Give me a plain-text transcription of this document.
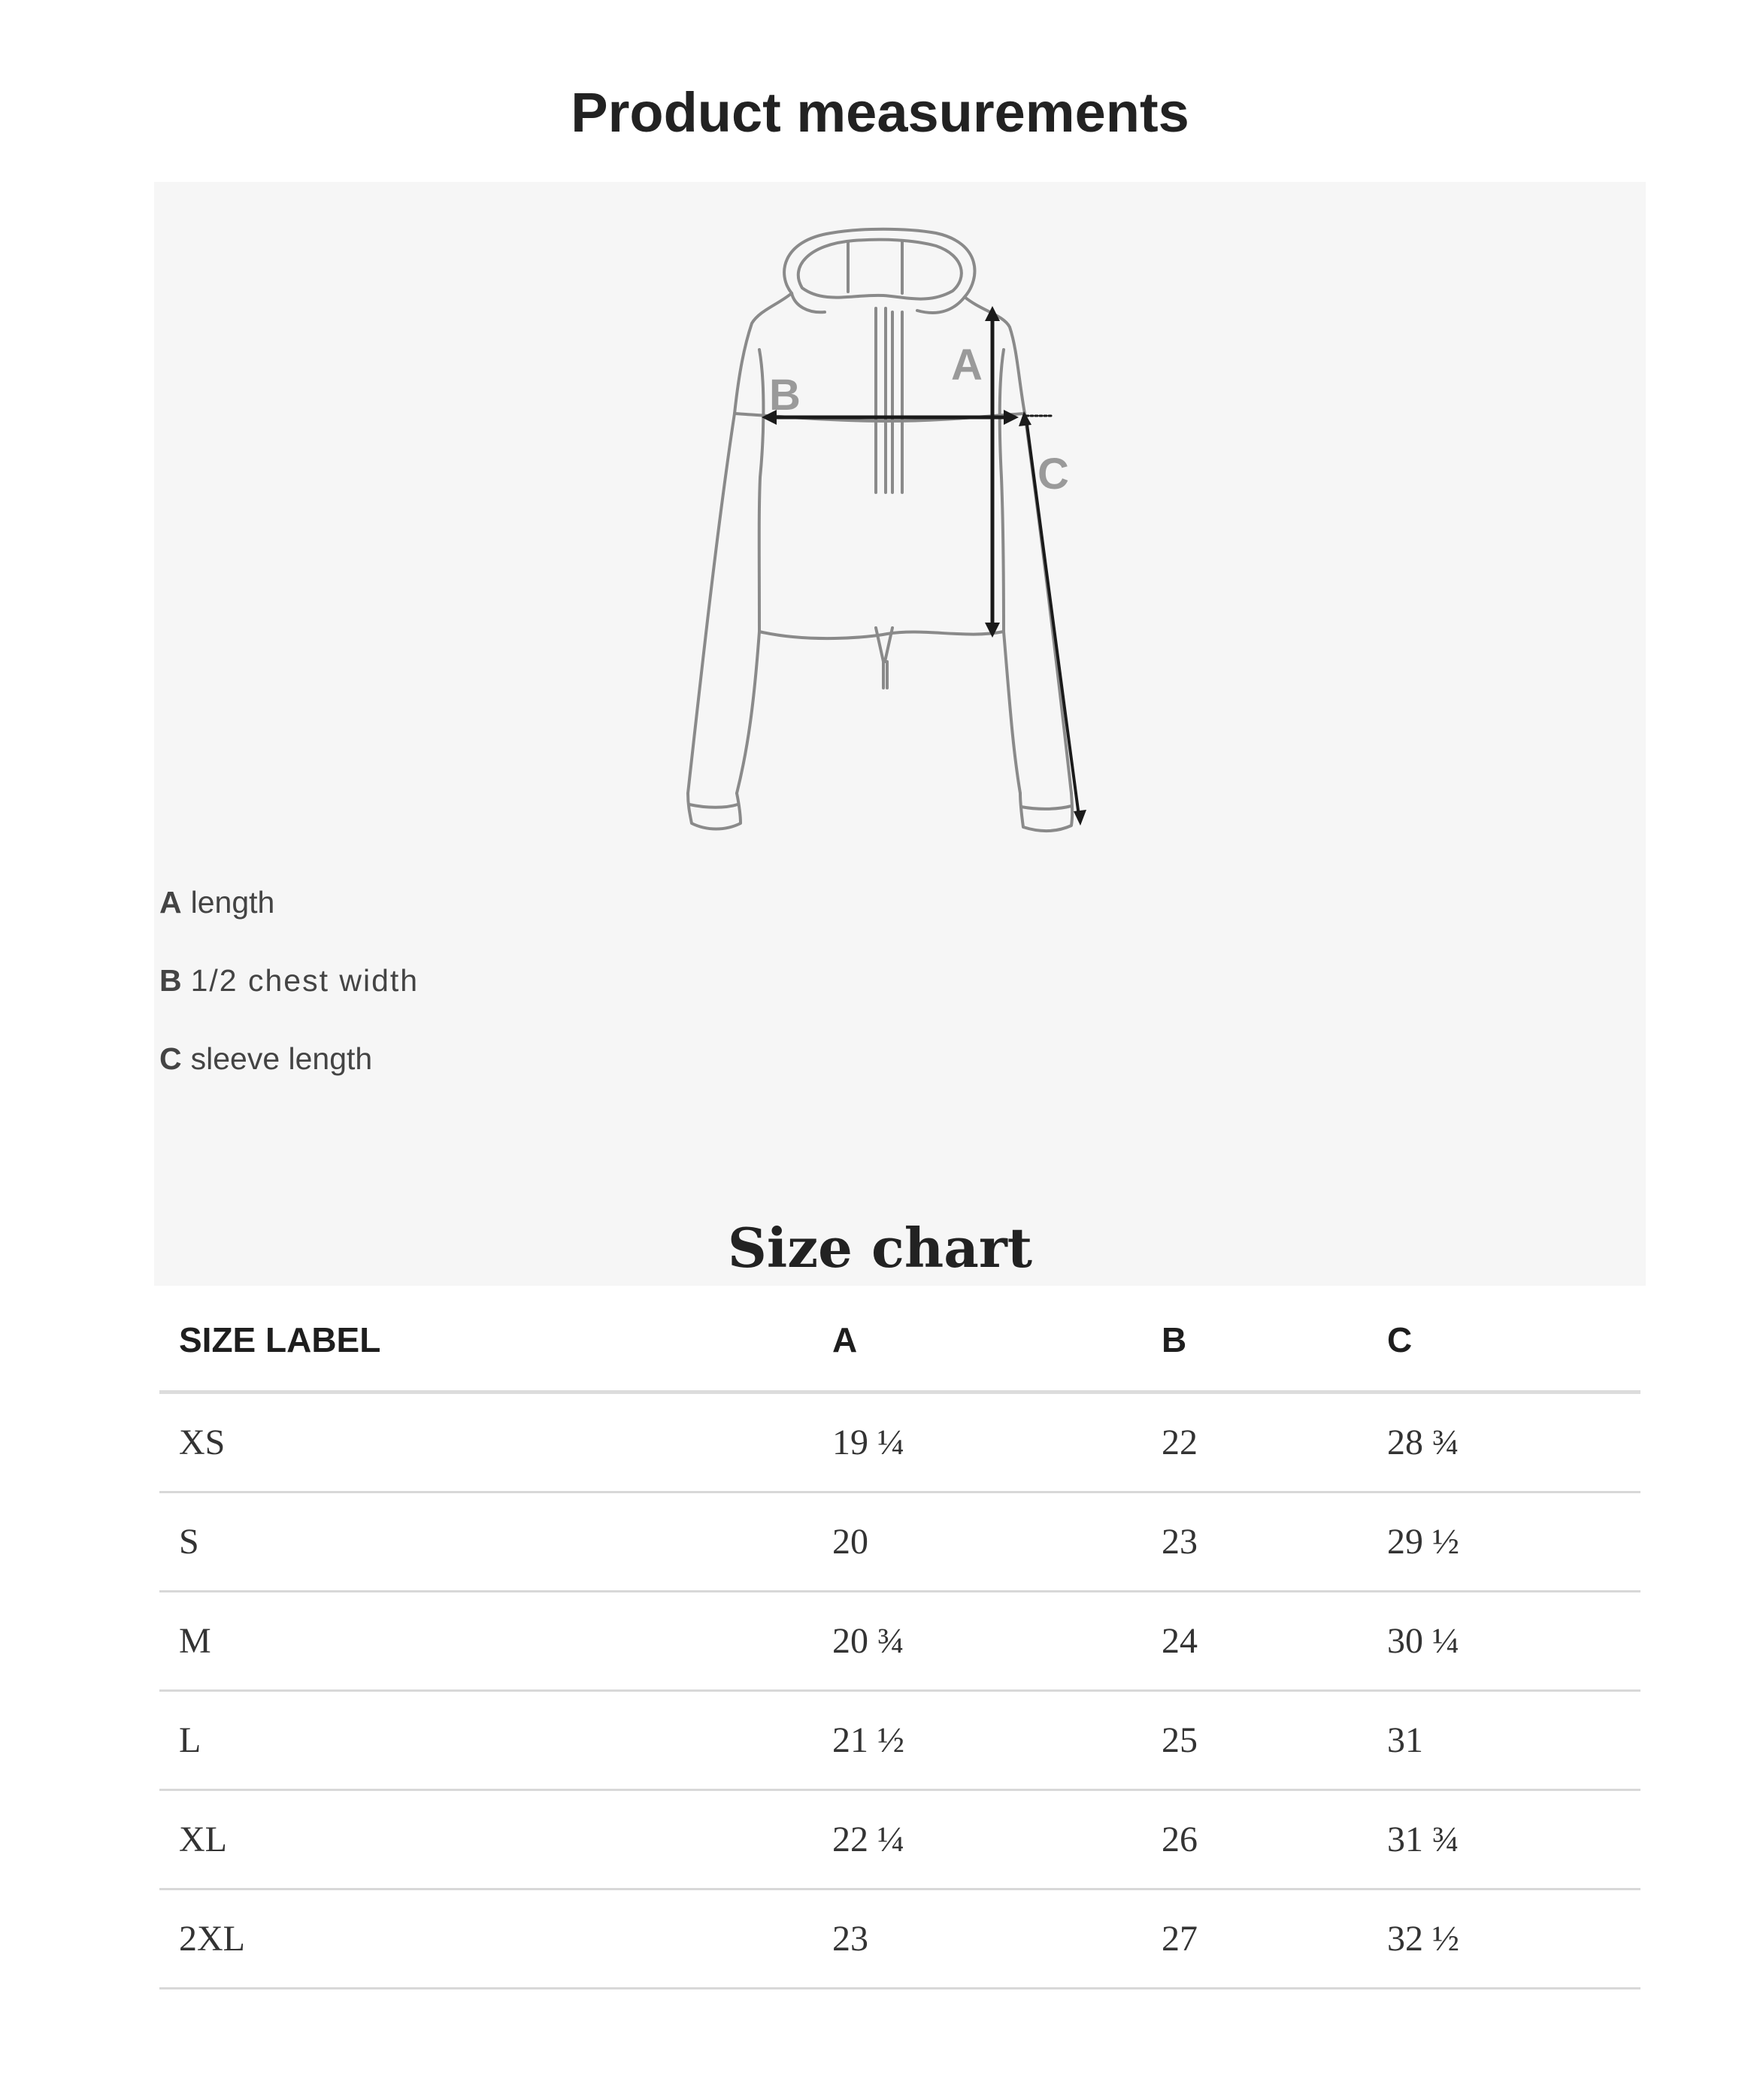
Product measurements
A
B
C
A length
B 1/2 chest width
C sleeve length
Size chart
SIZE LABEL	A	B	C
XS	19 ¼	22	28 ¾
S	20	23	29 ½
M	20 ¾	24	30 ¼
L	21 ½	25	31
XL	22 ¼	26	31 ¾
2XL	23	27	32 ½
